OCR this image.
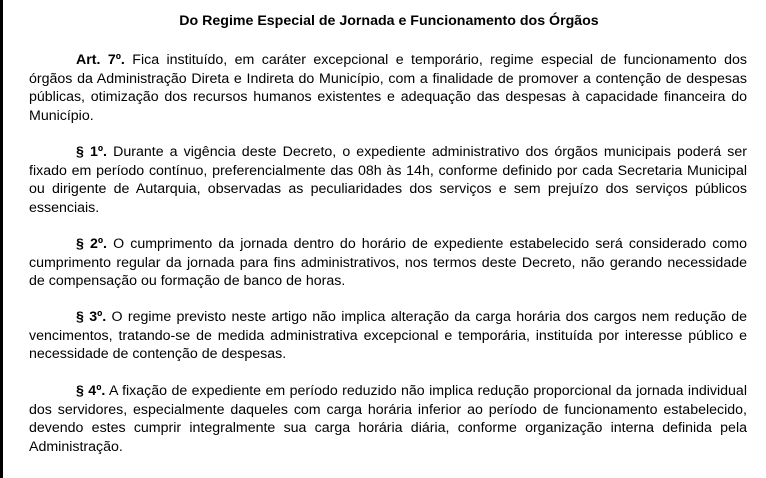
Do Regime Especial de Jornada e Funcionamento dos Órgãos

Art. 7º. Fica instituído, em caráter excepcional e temporário, regime especial de funcionamento dos órgãos da Administração Direta e Indireta do Município, com a finalidade de promover a contenção de despesas públicas, otimização dos recursos humanos existentes e adequação das despesas à capacidade financeira do Município.

§ 1º. Durante a vigência deste Decreto, o expediente administrativo dos órgãos municipais poderá ser fixado em período contínuo, preferencialmente das 08h às 14h, conforme definido por cada Secretaria Municipal ou dirigente de Autarquia, observadas as peculiaridades dos serviços e sem prejuízo dos serviços públicos essenciais.

§ 2º. O cumprimento da jornada dentro do horário de expediente estabelecido será considerado como cumprimento regular da jornada para fins administrativos, nos termos deste Decreto, não gerando necessidade de compensação ou formação de banco de horas.

§ 3º. O regime previsto neste artigo não implica alteração da carga horária dos cargos nem redução de vencimentos, tratando-se de medida administrativa excepcional e temporária, instituída por interesse público e necessidade de contenção de despesas.

§ 4º. A fixação de expediente em período reduzido não implica redução proporcional da jornada individual dos servidores, especialmente daqueles com carga horária inferior ao período de funcionamento estabelecido, devendo estes cumprir integralmente sua carga horária diária, conforme organização interna definida pela Administração.
